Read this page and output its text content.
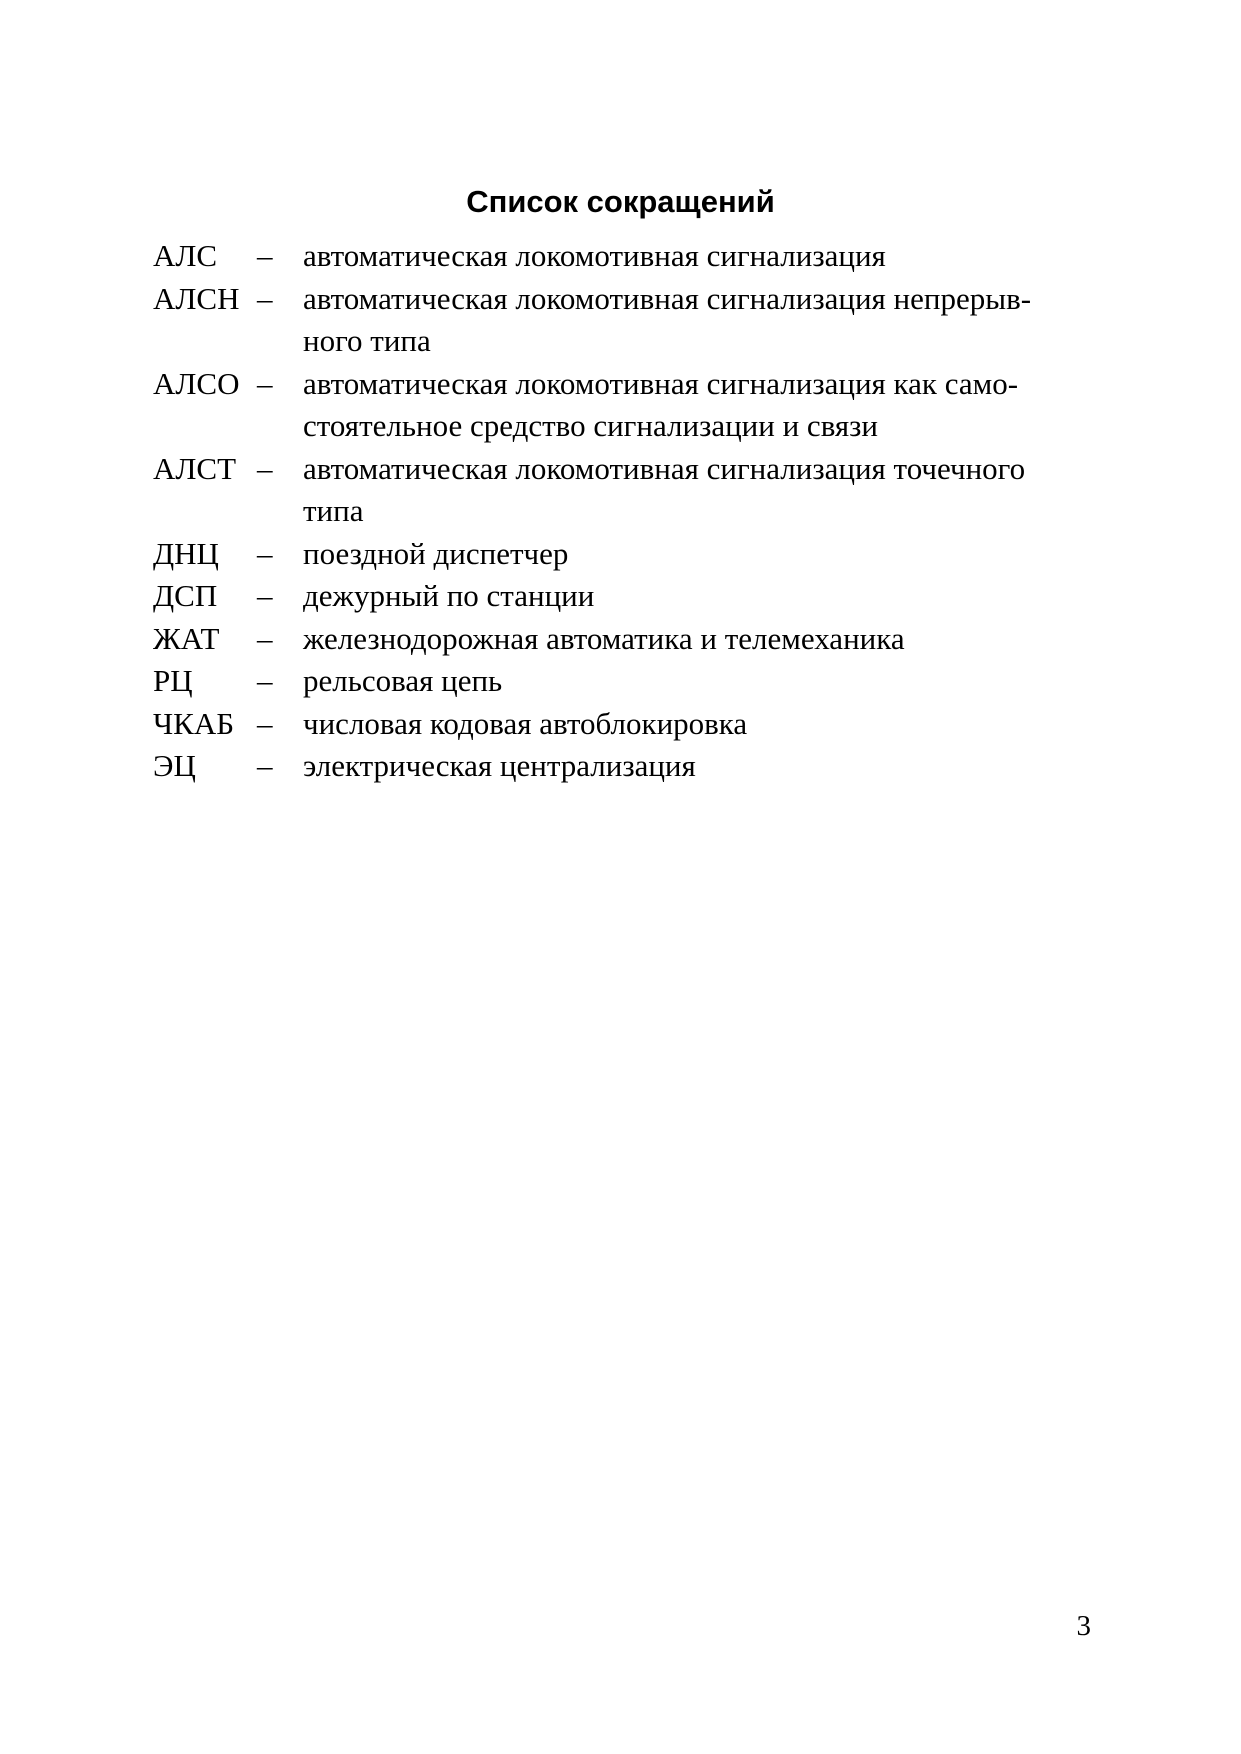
Список сокращений
АЛС	– автоматическая локомотивная сигнализация
АЛСН – автоматическая локомотивная сигнализация непрерыв-
ного типа
АЛСО – автоматическая локомотивная сигнализация как само-
стоятельное средство сигнализации и связи
АЛСТ – автоматическая локомотивная сигнализация точечного
типа
ДНЦ	– поездной диспетчер
ДСП	– дежурный по станции
ЖАТ	– железнодорожная автоматика и телемеханика
РЦ	– рельсовая цепь
ЧКАБ – числовая кодовая автоблокировка
ЭЦ	– электрическая централизация
3
